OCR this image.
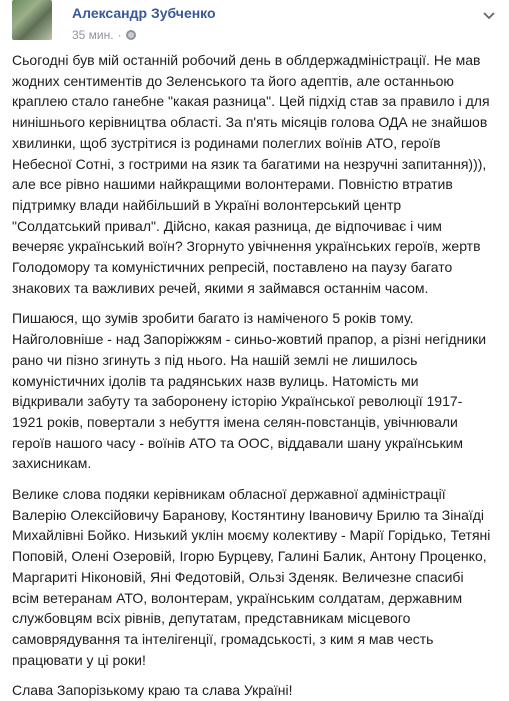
Александр Зубченко
35 мин. ·

Сьогодні був мій останній робочий день в облдержадміністрації. Не мав жодних сентиментів до Зеленського та його адептів, але останньою краплею стало ганебне "какая разница". Цей підхід став за правило і для нинішнього керівництва області. За п'ять місяців голова ОДА не знайшов хвилинки, щоб зустрітися із родинами полеглих воїнів АТО, героїв Небесної Сотні, з гострими на язик та багатими на незручні запитання))), але все рівно нашими найкращими волонтерами. Повністю втратив підтримку влади найбільший в Україні волонтерський центр "Солдатський привал". Дійсно, какая разница, де відпочиває і чим вечеряє український воїн? Згорнуто увічнення українських героїв, жертв Голодомору та комуністичних репресій, поставлено на паузу багато знакових та важливих речей, якими я займався останнім часом.

Пишаюся, що зумів зробити багато із наміченого 5 років тому. Найголовніше - над Запоріжжям - синьо-жовтий прапор, а різні негідники рано чи пізно згинуть з під нього. На нашій землі не лишилось комуністичних ідолів та радянських назв вулиць. Натомість ми відкривали забуту та заборонену історію Української революції 1917-1921 років, повертали з небуття імена селян-повстанців, увічнювали героїв нашого часу - воїнів АТО та ООС, віддавали шану українським захисникам.

Велике слова подяки керівникам обласної державної адміністрації Валерію Олексійовичу Баранову, Костянтину Івановичу Брилю та Зінаїді Михайлівні Бойко. Низький уклін моєму колективу - Марії Горідько, Тетяні Поповій, Олені Озеровій, Ігорю Бурцеву, Галині Балик, Антону Проценко, Маргариті Ніконовій, Яні Федотовій, Ользі Зденяк. Величезне спасибі всім ветеранам АТО, волонтерам, українським солдатам, державним службовцям всіх рівнів, депутатам, представникам місцевого самоврядування та інтелігенції, громадськості, з ким я мав честь працювати у ці роки!

Слава Запорізькому краю та слава Україні!
